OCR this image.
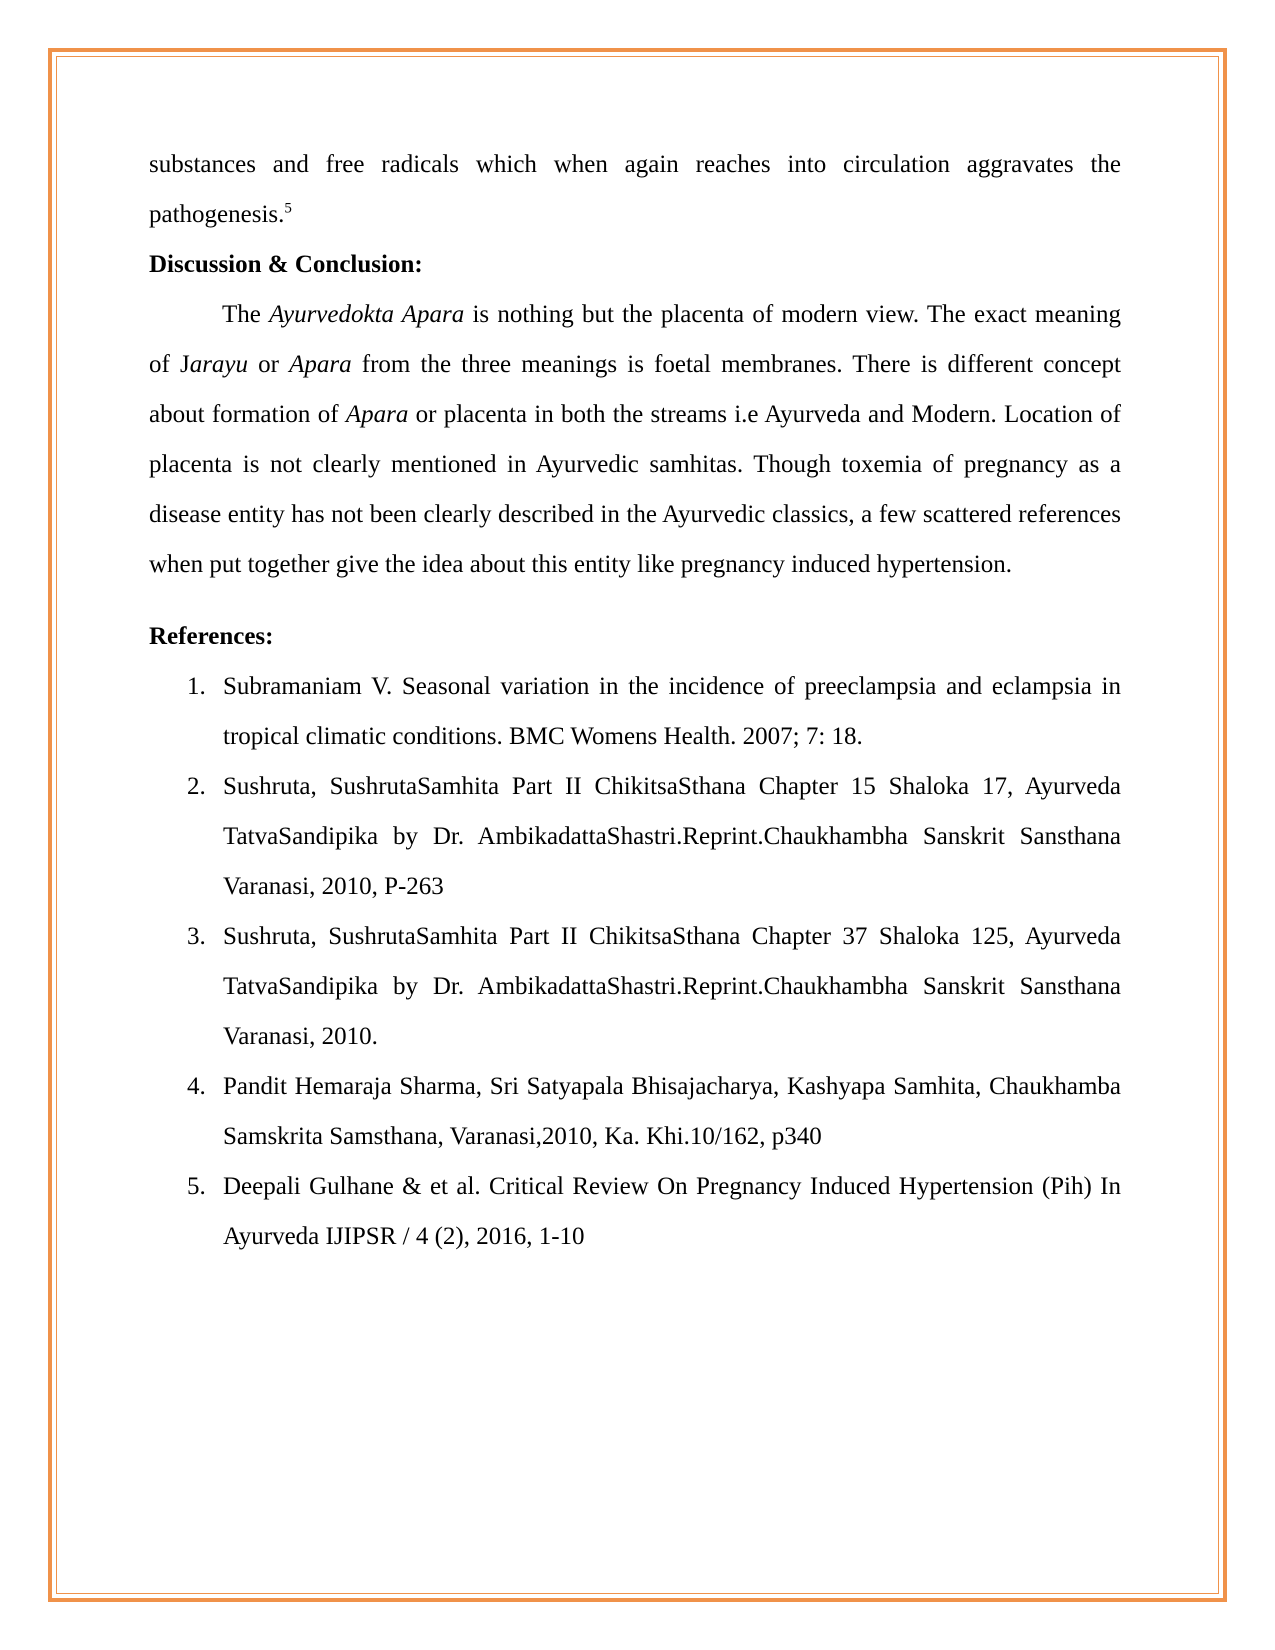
substances and free radicals which when again reaches into circulation aggravates the pathogenesis.$^5$

Discussion & Conclusion:

The Ayurvedokta Apara is nothing but the placenta of modern view. The exact meaning of Jarayu or Apara from the three meanings is foetal membranes. There is different concept about formation of Apara or placenta in both the streams i.e Ayurveda and Modern. Location of placenta is not clearly mentioned in Ayurvedic samhitas. Though toxemia of pregnancy as a disease entity has not been clearly described in the Ayurvedic classics, a few scattered references when put together give the idea about this entity like pregnancy induced hypertension.

References:

1. Subramaniam V. Seasonal variation in the incidence of preeclampsia and eclampsia in tropical climatic conditions. BMC Womens Health. 2007; 7: 18.
2. Sushruta, SushrutaSamhita Part II ChikitsaSthana Chapter 15 Shaloka 17, Ayurveda TatvaSandipika by Dr. AmbikadattaShastri.Reprint.Chaukhambha Sanskrit Sansthana Varanasi, 2010, P-263
3. Sushruta, SushrutaSamhita Part II ChikitsaSthana Chapter 37 Shaloka 125, Ayurveda TatvaSandipika by Dr. AmbikadattaShastri.Reprint.Chaukhambha Sanskrit Sansthana Varanasi, 2010.
4. Pandit Hemaraja Sharma, Sri Satyapala Bhisajacharya, Kashyapa Samhita, Chaukhamba Samskrita Samsthana, Varanasi,2010, Ka. Khi.10/162, p340
5. Deepali Gulhane & et al. Critical Review On Pregnancy Induced Hypertension (Pih) In Ayurveda IJIPSR / 4 (2), 2016, 1-10
